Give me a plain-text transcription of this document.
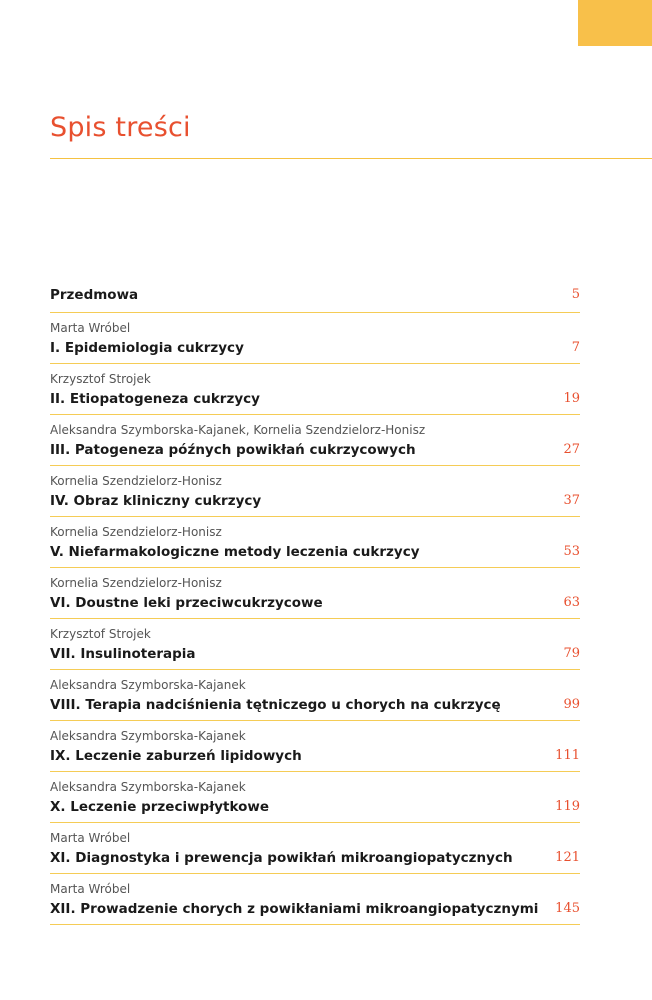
Spis treści
Przedmowa	5
Marta Wróbel
I. Epidemiologia cukrzycy	7
Krzysztof Strojek
II. Etiopatogeneza cukrzycy	19
Aleksandra Szymborska-Kajanek, Kornelia Szendzielorz-Honisz
III. Patogeneza późnych powikłań cukrzycowych	27
Kornelia Szendzielorz-Honisz
IV. Obraz kliniczny cukrzycy	37
Kornelia Szendzielorz-Honisz
V. Niefarmakologiczne metody leczenia cukrzycy	53
Kornelia Szendzielorz-Honisz
VI. Doustne leki przeciwcukrzycowe	63
Krzysztof Strojek
VII. Insulinoterapia	79
Aleksandra Szymborska-Kajanek
VIII. Terapia nadciśnienia tętniczego u chorych na cukrzycę	99
Aleksandra Szymborska-Kajanek
IX. Leczenie zaburzeń lipidowych	111
Aleksandra Szymborska-Kajanek
X. Leczenie przeciwpłytkowe	119
Marta Wróbel
XI. Diagnostyka i prewencja powikłań mikroangiopatycznych	121
Marta Wróbel
XII. Prowadzenie chorych z powikłaniami mikroangiopatycznymi 145
